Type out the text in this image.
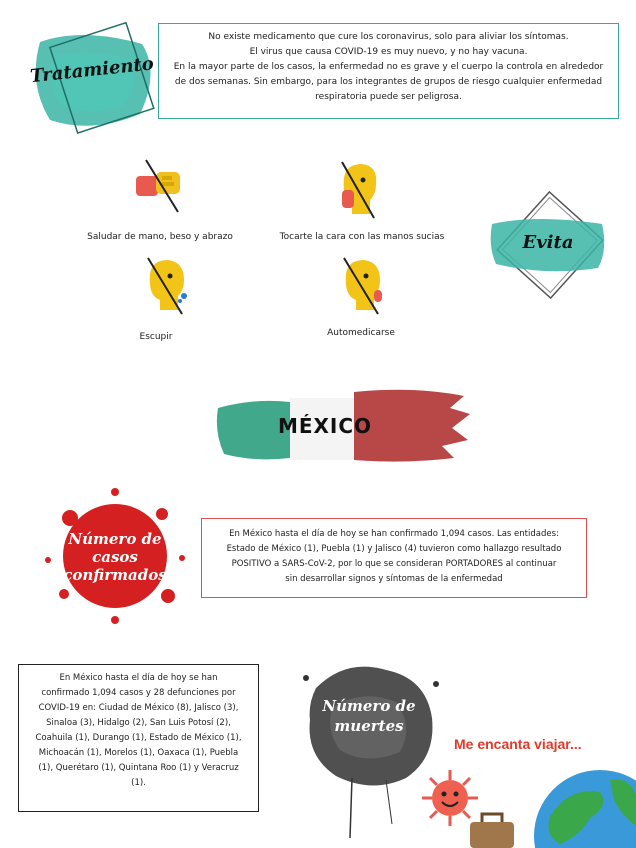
Tratamiento
No existe medicamento que cure los coronavirus, solo para aliviar los síntomas.
El virus que causa COVID-19 es muy nuevo, y no hay vacuna.
En la mayor parte de los casos, la enfermedad no es grave y el cuerpo la controla en alrededor
de dos semanas. Sin embargo, para los integrantes de grupos de riesgo cualquier enfermedad
respiratoria puede ser peligrosa.
Saludar de mano, beso y abrazo	Tocarte la cara con las manos sucias
Escupir	Automedicarse
Evita
MÉXICO
Número de
casos
confirmados
En México hasta el día de hoy se han confirmado 1,094 casos. Las entidades:
Estado de México (1), Puebla (1) y Jalisco (4) tuvieron como hallazgo resultado
POSITIVO a SARS-CoV-2, por lo que se consideran PORTADORES al continuar
sin desarrollar signos y síntomas de la enfermedad
En México hasta el día de hoy se han
confirmado 1,094 casos y 28 defunciones por
COVID-19 en: Ciudad de México (8), Jalisco (3),
Sinaloa (3), Hidalgo (2), San Luis Potosí (2),
Coahuila (1), Durango (1), Estado de México (1),
Michoacán (1), Morelos (1), Oaxaca (1), Puebla
(1), Querétaro (1), Quintana Roo (1) y Veracruz
(1).
Número de
muertes
Me encanta viajar...
